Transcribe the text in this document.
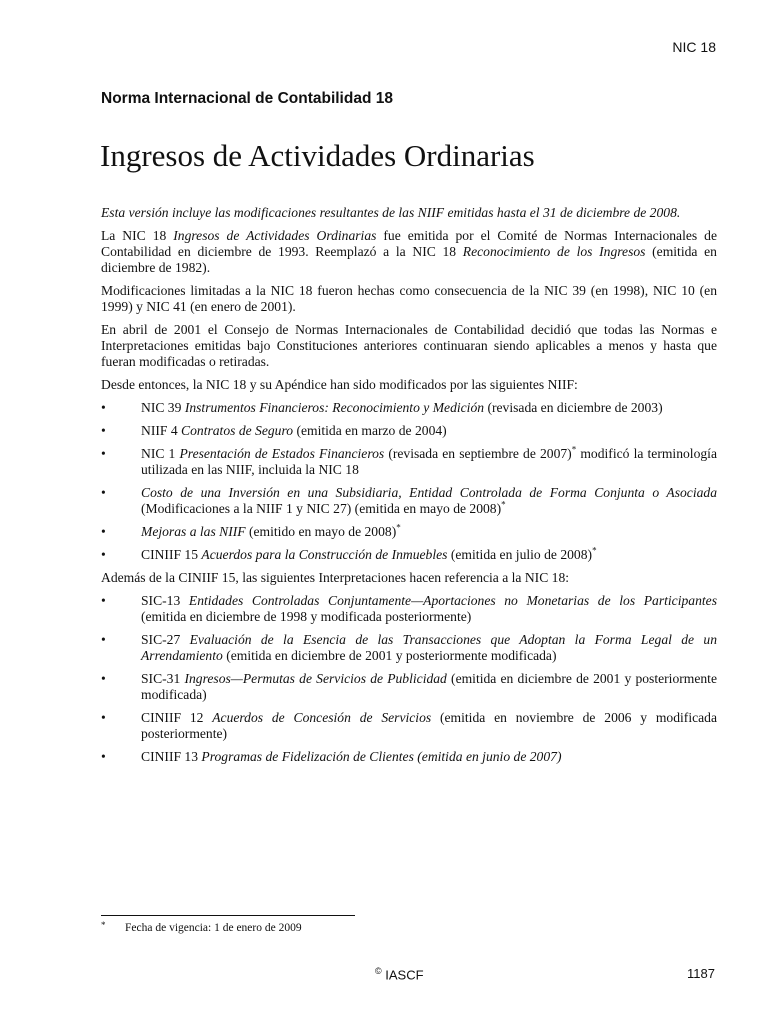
NIC 18
Norma Internacional de Contabilidad 18
Ingresos de Actividades Ordinarias

Esta versión incluye las modificaciones resultantes de las NIIF emitidas hasta el 31 de diciembre de 2008.

La NIC 18 Ingresos de Actividades Ordinarias fue emitida por el Comité de Normas Internacionales de Contabilidad en diciembre de 1993. Reemplazó a la NIC 18 Reconocimiento de los Ingresos (emitida en diciembre de 1982).

Modificaciones limitadas a la NIC 18 fueron hechas como consecuencia de la NIC 39 (en 1998), NIC 10 (en 1999) y NIC 41 (en enero de 2001).

En abril de 2001 el Consejo de Normas Internacionales de Contabilidad decidió que todas las Normas e Interpretaciones emitidas bajo Constituciones anteriores continuaran siendo aplicables a menos y hasta que fueran modificadas o retiradas.

Desde entonces, la NIC 18 y su Apéndice han sido modificados por las siguientes NIIF:

•	NIC 39 Instrumentos Financieros: Reconocimiento y Medición (revisada en diciembre de 2003)
•	NIIF 4 Contratos de Seguro (emitida en marzo de 2004)
•	NIC 1 Presentación de Estados Financieros (revisada en septiembre de 2007)* modificó la terminología utilizada en las NIIF, incluida la NIC 18
•	Costo de una Inversión en una Subsidiaria, Entidad Controlada de Forma Conjunta o Asociada (Modificaciones a la NIIF 1 y NIC 27) (emitida en mayo de 2008)*
•	Mejoras a las NIIF (emitido en mayo de 2008)*
•	CINIIF 15 Acuerdos para la Construcción de Inmuebles (emitida en julio de 2008)*

Además de la CINIIF 15, las siguientes Interpretaciones hacen referencia a la NIC 18:

•	SIC-13 Entidades Controladas Conjuntamente—Aportaciones no Monetarias de los Participantes (emitida en diciembre de 1998 y modificada posteriormente)
•	SIC-27 Evaluación de la Esencia de las Transacciones que Adoptan la Forma Legal de un Arrendamiento (emitida en diciembre de 2001 y posteriormente modificada)
•	SIC-31 Ingresos—Permutas de Servicios de Publicidad (emitida en diciembre de 2001 y posteriormente modificada)
•	CINIIF 12 Acuerdos de Concesión de Servicios (emitida en noviembre de 2006 y modificada posteriormente)
•	CINIIF 13 Programas de Fidelización de Clientes (emitida en junio de 2007)
* Fecha de vigencia: 1 de enero de 2009
© IASCF	1187
